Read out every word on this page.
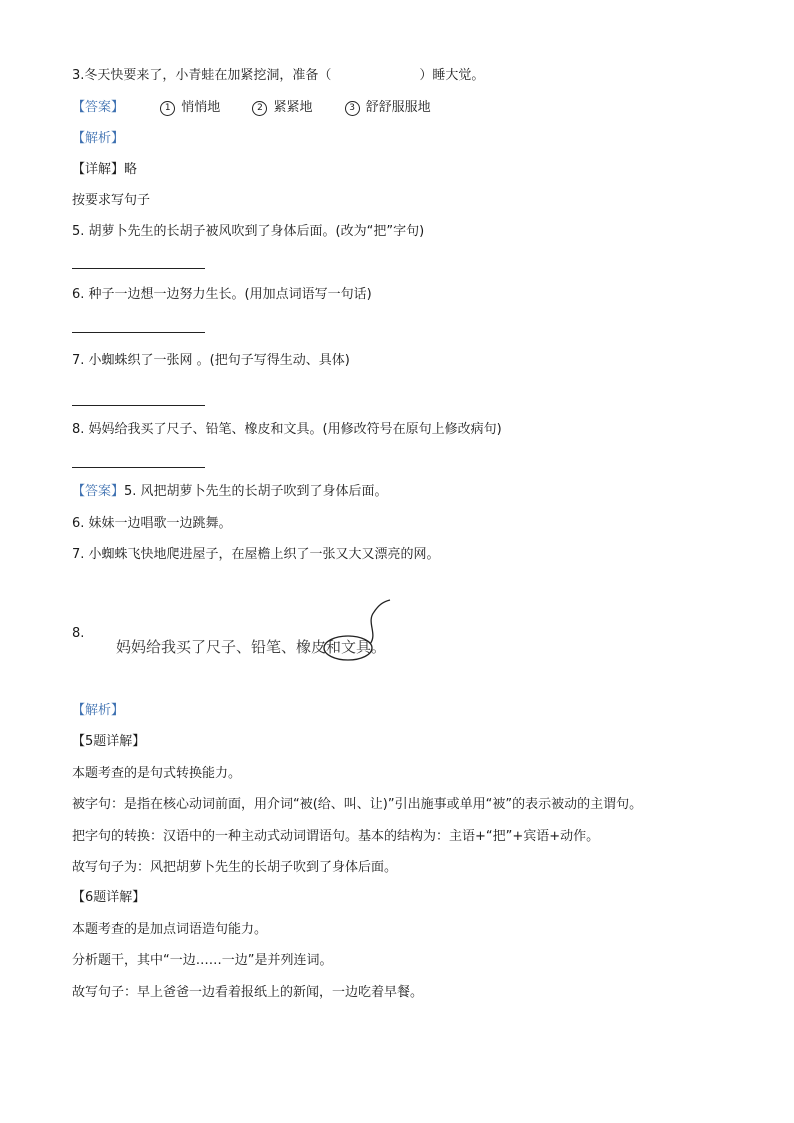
3.冬天快要来了，小青蛙在加紧挖洞，准备（	）睡大觉。
【答案】	1 悄悄地	2 紧紧地	3 舒舒服服地
【解析】
【详解】略
按要求写句子
5. 胡萝卜先生的长胡子被风吹到了身体后面。(改为“把”字句)
6. 种子一边想一边努力生长。(用加点词语写一句话)
7. 小蜘蛛织了一张网 。(把句子写得生动、具体)
8. 妈妈给我买了尺子、铅笔、橡皮和文具。(用修改符号在原句上修改病句)
【答案】5. 风把胡萝卜先生的长胡子吹到了身体后面。
6. 妹妹一边唱歌一边跳舞。
7. 小蜘蛛飞快地爬进屋子，在屋檐上织了一张又大又漂亮的网。
8.
妈妈给我买了尺子、铅笔、橡皮和文具
。
【解析】
【5题详解】
本题考查的是句式转换能力。
被字句：是指在核心动词前面，用介词“被(给、叫、让)”引出施事或单用“被”的表示被动的主谓句。
把字句的转换：汉语中的一种主动式动词谓语句。基本的结构为：主语+“把”+宾语+动作。
故写句子为：风把胡萝卜先生的长胡子吹到了身体后面。
【6题详解】
本题考查的是加点词语造句能力。
分析题干，其中“一边……一边”是并列连词。
故写句子：早上爸爸一边看着报纸上的新闻，一边吃着早餐。
